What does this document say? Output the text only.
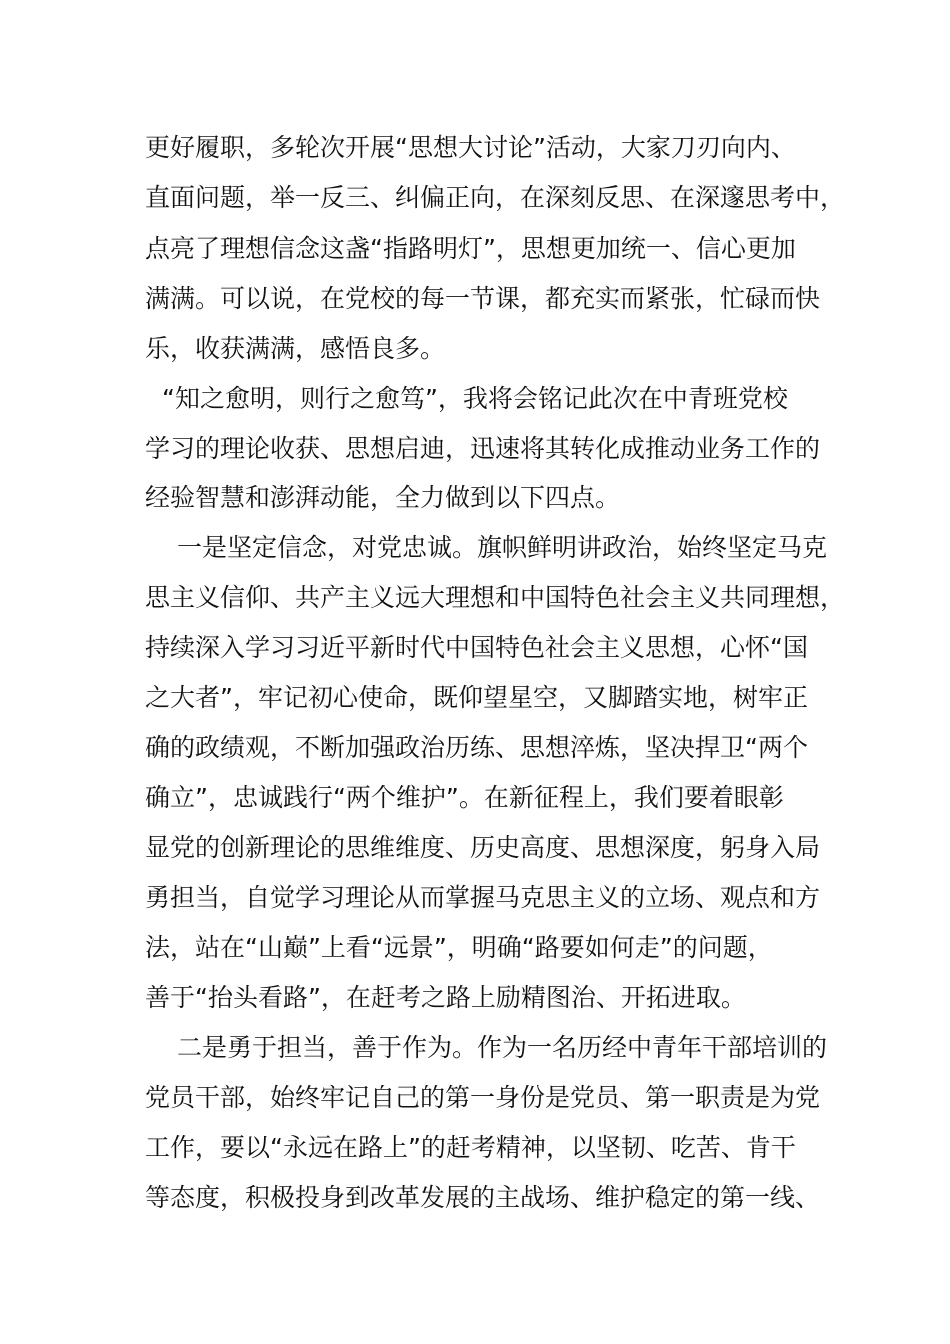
更好履职，多轮次开展“思想大讨论”活动，大家刀刃向内、
直面问题，举一反三、纠偏正向，在深刻反思、在深邃思考中，
点亮了理想信念这盏“指路明灯”，思想更加统一、信心更加
满满。可以说，在党校的每一节课，都充实而紧张，忙碌而快
乐，收获满满，感悟良多。
“知之愈明，则行之愈笃”，我将会铭记此次在中青班党校
学习的理论收获、思想启迪，迅速将其转化成推动业务工作的
经验智慧和澎湃动能，全力做到以下四点。
一是坚定信念，对党忠诚。旗帜鲜明讲政治，始终坚定马克
思主义信仰、共产主义远大理想和中国特色社会主义共同理想，
持续深入学习习近平新时代中国特色社会主义思想，心怀“国
之大者”，牢记初心使命，既仰望星空，又脚踏实地，树牢正
确的政绩观，不断加强政治历练、思想淬炼，坚决捍卫“两个
确立”，忠诚践行“两个维护”。在新征程上，我们要着眼彰
显党的创新理论的思维维度、历史高度、思想深度，躬身入局
勇担当，自觉学习理论从而掌握马克思主义的立场、观点和方
法，站在“山巅”上看“远景”，明确“路要如何走”的问题，
善于“抬头看路”，在赶考之路上励精图治、开拓进取。
二是勇于担当，善于作为。作为一名历经中青年干部培训的
党员干部，始终牢记自己的第一身份是党员、第一职责是为党
工作，要以“永远在路上”的赶考精神，以坚韧、吃苦、肯干
等态度，积极投身到改革发展的主战场、维护稳定的第一线、
